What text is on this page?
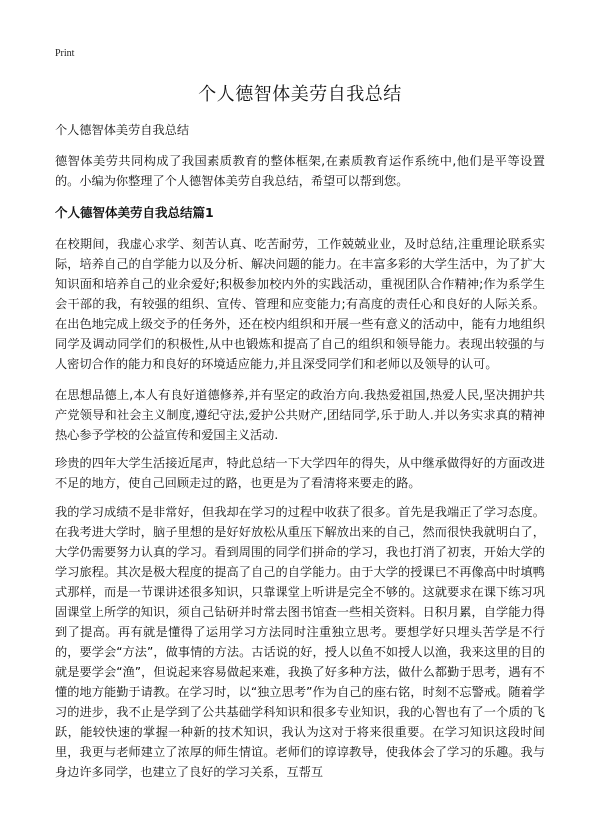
Print
个人德智体美劳自我总结

个人德智体美劳自我总结

德智体美劳共同构成了我国素质教育的整体框架,在素质教育运作系统中,他们是平等设置的。小编为你整理了个人德智体美劳自我总结，希望可以帮到您。

个人德智体美劳自我总结篇1

在校期间，我虚心求学、刻苦认真、吃苦耐劳，工作兢兢业业，及时总结,注重理论联系实际，培养自己的自学能力以及分析、解决问题的能力。在丰富多彩的大学生活中，为了扩大知识面和培养自己的业余爱好;积极参加校内外的实践活动，重视团队合作精神;作为系学生会干部的我，有较强的组织、宣传、管理和应变能力;有高度的责任心和良好的人际关系。在出色地完成上级交予的任务外，还在校内组织和开展一些有意义的活动中，能有力地组织同学及调动同学们的积极性,从中也锻炼和提高了自己的组织和领导能力。表现出较强的与人密切合作的能力和良好的环境适应能力,并且深受同学们和老师以及领导的认可。

在思想品德上,本人有良好道德修养,并有坚定的政治方向.我热爱祖国,热爱人民,坚决拥护共产党领导和社会主义制度,遵纪守法,爱护公共财产,团结同学,乐于助人.并以务实求真的精神热心参予学校的公益宣传和爱国主义活动.

珍贵的四年大学生活接近尾声，特此总结一下大学四年的得失，从中继承做得好的方面改进不足的地方，使自己回顾走过的路，也更是为了看清将来要走的路。

我的学习成绩不是非常好，但我却在学习的过程中收获了很多。首先是我端正了学习态度。在我考进大学时，脑子里想的是好好放松从重压下解放出来的自己，然而很快我就明白了，大学仍需要努力认真的学习。看到周围的同学们拼命的学习，我也打消了初衷，开始大学的学习旅程。其次是极大程度的提高了自己的自学能力。由于大学的授课已不再像高中时填鸭式那样，而是一节课讲述很多知识，只靠课堂上听讲是完全不够的。这就要求在课下练习巩固课堂上所学的知识，须自己钻研并时常去图书馆查一些相关资料。日积月累，自学能力得到了提高。再有就是懂得了运用学习方法同时注重独立思考。要想学好只埋头苦学是不行的，要学会“方法”，做事情的方法。古话说的好，授人以鱼不如授人以渔，我来这里的目的就是要学会“渔”，但说起来容易做起来难，我换了好多种方法，做什么都勤于思考，遇有不懂的地方能勤于请教。在学习时，以“独立思考”作为自己的座右铭，时刻不忘警戒。随着学习的进步，我不止是学到了公共基础学科知识和很多专业知识，我的心智也有了一个质的飞跃，能较快速的掌握一种新的技术知识，我认为这对于将来很重要。在学习知识这段时间里，我更与老师建立了浓厚的师生情谊。老师们的谆谆教导，使我体会了学习的乐趣。我与身边许多同学，也建立了良好的学习关系，互帮互
